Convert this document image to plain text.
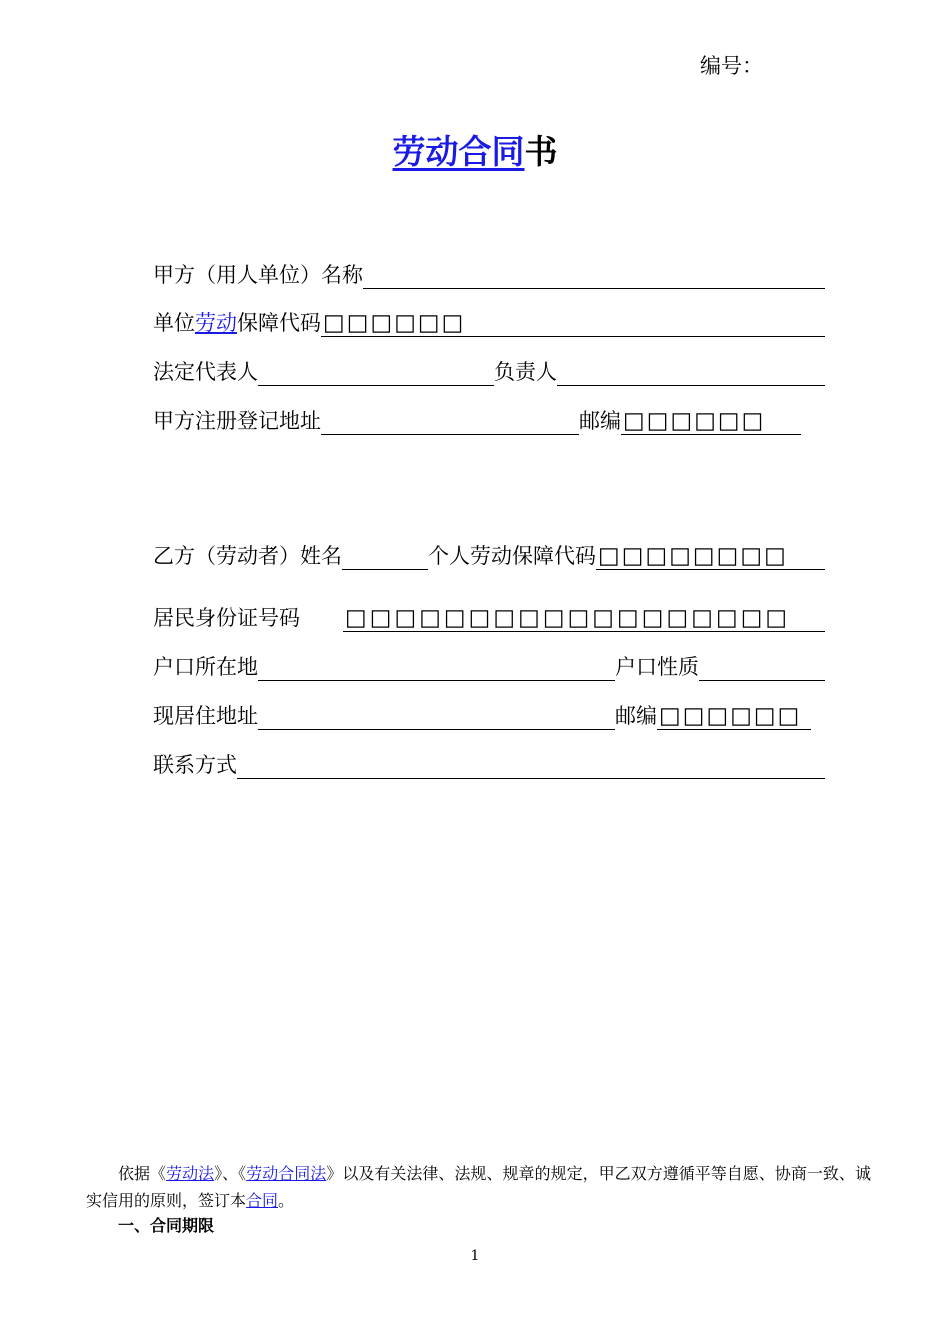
编号：
劳动合同书
甲方（用人单位）名称
单位劳动保障代码 □□□□□□
法定代表人	负责人
甲方注册登记地址	邮编 □□□□□□
乙方（劳动者）姓名	个人劳动保障代码 □□□□□□□□
居民身份证号码	□□□□□□□□□□□□□□□□□□
户口所在地	户口性质
现居住地址	邮编 □□□□□□
联系方式
依据《劳动法》、《劳动合同法》以及有关法律、法规、规章的规定，甲乙双方遵循平等自愿、协商一致、诚实信用的原则，签订本合同。
一、合同期限
1
